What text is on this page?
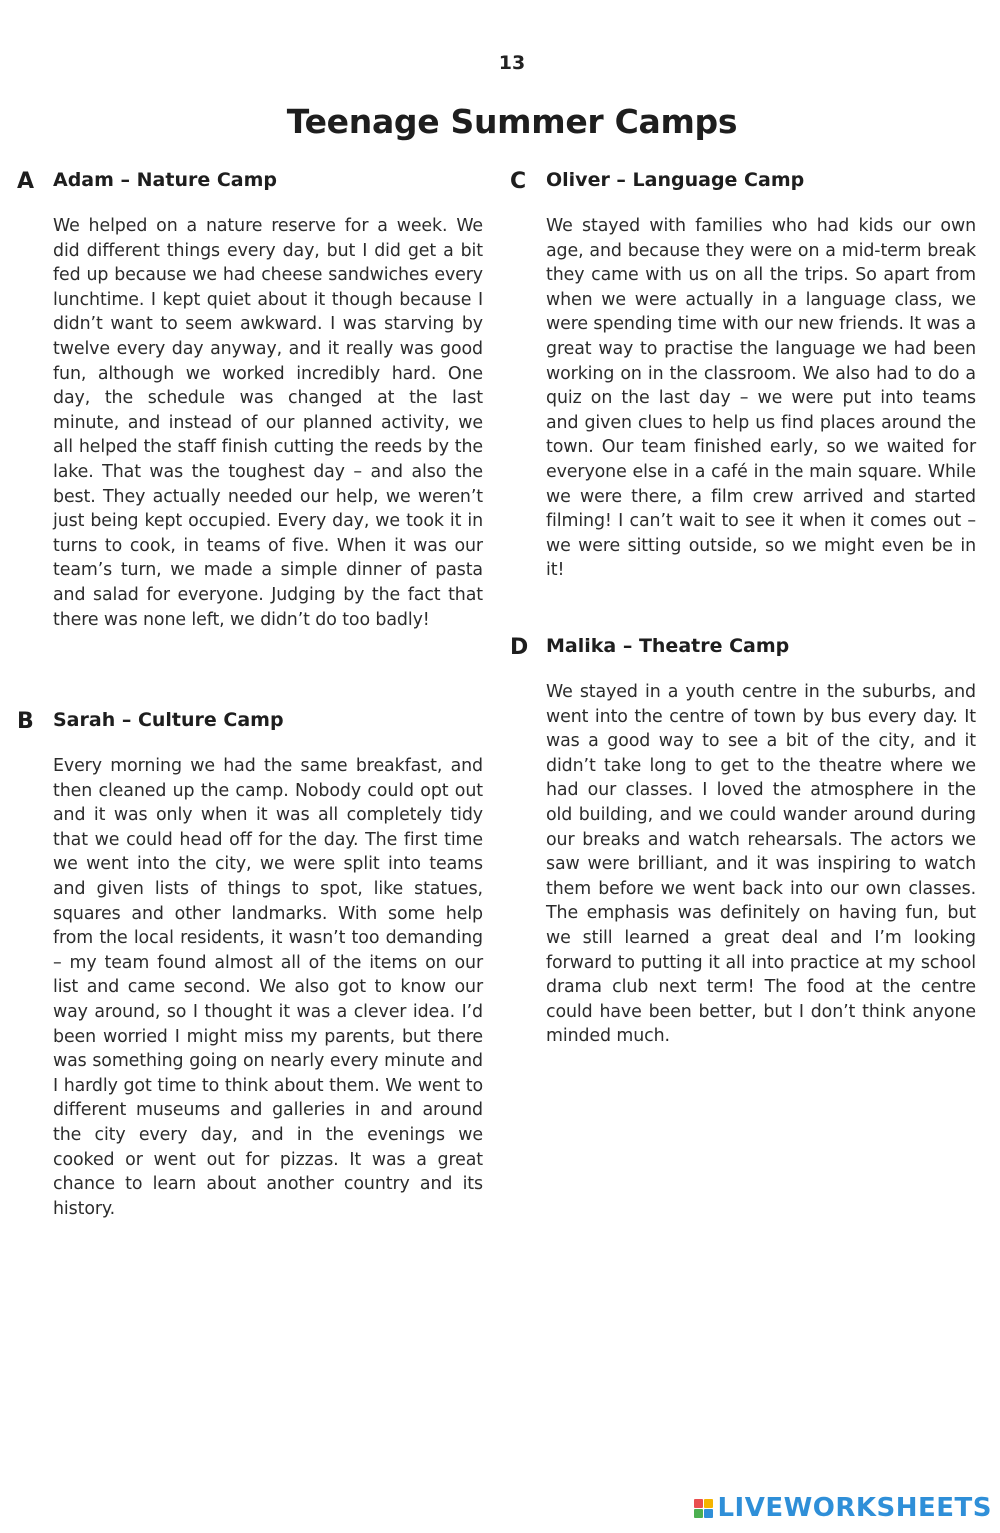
13
Teenage Summer Camps
A Adam – Nature Camp

We helped on a nature reserve for a week. We did different things every day, but I did get a bit fed up because we had cheese sandwiches every lunchtime. I kept quiet about it though because I didn’t want to seem awkward. I was starving by twelve every day anyway, and it really was good fun, although we worked incredibly hard. One day, the schedule was changed at the last minute, and instead of our planned activity, we all helped the staff finish cutting the reeds by the lake. That was the toughest day – and also the best. They actually needed our help, we weren’t just being kept occupied. Every day, we took it in turns to cook, in teams of five. When it was our team’s turn, we made a simple dinner of pasta and salad for everyone. Judging by the fact that there was none left, we didn’t do too badly!

B Sarah – Culture Camp

Every morning we had the same breakfast, and then cleaned up the camp. Nobody could opt out and it was only when it was all completely tidy that we could head off for the day. The first time we went into the city, we were split into teams and given lists of things to spot, like statues, squares and other landmarks. With some help from the local residents, it wasn’t too demanding – my team found almost all of the items on our list and came second. We also got to know our way around, so I thought it was a clever idea. I’d been worried I might miss my parents, but there was something going on nearly every minute and I hardly got time to think about them. We went to different museums and galleries in and around the city every day, and in the evenings we cooked or went out for pizzas. It was a great chance to learn about another country and its history.

C Oliver – Language Camp

We stayed with families who had kids our own age, and because they were on a mid-term break they came with us on all the trips. So apart from when we were actually in a language class, we were spending time with our new friends. It was a great way to practise the language we had been working on in the classroom. We also had to do a quiz on the last day – we were put into teams and given clues to help us find places around the town. Our team finished early, so we waited for everyone else in a café in the main square. While we were there, a film crew arrived and started filming! I can’t wait to see it when it comes out – we were sitting outside, so we might even be in it!

D Malika – Theatre Camp

We stayed in a youth centre in the suburbs, and went into the centre of town by bus every day. It was a good way to see a bit of the city, and it didn’t take long to get to the theatre where we had our classes. I loved the atmosphere in the old building, and we could wander around during our breaks and watch rehearsals. The actors we saw were brilliant, and it was inspiring to watch them before we went back into our own classes. The emphasis was definitely on having fun, but we still learned a great deal and I’m looking forward to putting it all into practice at my school drama club next term! The food at the centre could have been better, but I don’t think anyone minded much.

LIVEWORKSHEETS
